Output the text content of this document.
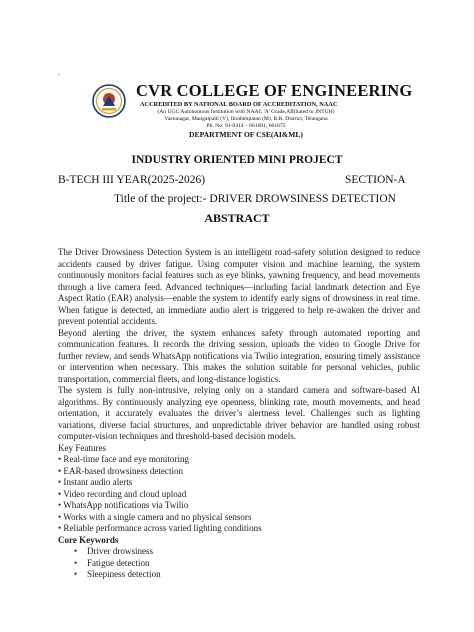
-
CVR COLLEGE OF ENGINEERING
ACCREDITED BY NATIONAL BOARD OF ACCREDITATION, NAAC
(An UGC Autonomous Institution with NAAC 'A' Grade,Affiliated to JNTUH)
Vastunagar, Mangalpalli (V), Ibrahimpatan (M), R.R. District, Telangana
Ph. No: 91-8414 – 661601, 661675
DEPARTMENT OF CSE(AI&ML)
INDUSTRY ORIENTED MINI PROJECT
B-TECH III YEAR(2025-2026)	SECTION-A
Title of the project:- DRIVER DROWSINESS DETECTION
ABSTRACT

The Driver Drowsiness Detection System is an intelligent road-safety solution designed to reduce accidents caused by driver fatigue. Using computer vision and machine learning, the system continuously monitors facial features such as eye blinks, yawning frequency, and head movements through a live camera feed. Advanced techniques—including facial landmark detection and Eye Aspect Ratio (EAR) analysis—enable the system to identify early signs of drowsiness in real time. When fatigue is detected, an immediate audio alert is triggered to help re-awaken the driver and prevent potential accidents.

Beyond alerting the driver, the system enhances safety through automated reporting and communication features. It records the driving session, uploads the video to Google Drive for further review, and sends WhatsApp notifications via Twilio integration, ensuring timely assistance or intervention when necessary. This makes the solution suitable for personal vehicles, public transportation, commercial fleets, and long-distance logistics.

The system is fully non-intrusive, relying only on a standard camera and software-based AI algorithms. By continuously analyzing eye openness, blinking rate, mouth movements, and head orientation, it accurately evaluates the driver’s alertness level. Challenges such as lighting variations, diverse facial structures, and unpredictable driver behavior are handled using robust computer-vision techniques and threshold-based decision models.

Key Features

• Real-time face and eye monitoring

• EAR-based drowsiness detection

• Instant audio alerts

• Video recording and cloud upload

• WhatsApp notifications via Twilio

• Works with a single camera and no physical sensors

• Reliable performance across varied lighting conditions

Core Keywords

• Driver drowsiness
• Fatigue detection
• Sleepiness detection
